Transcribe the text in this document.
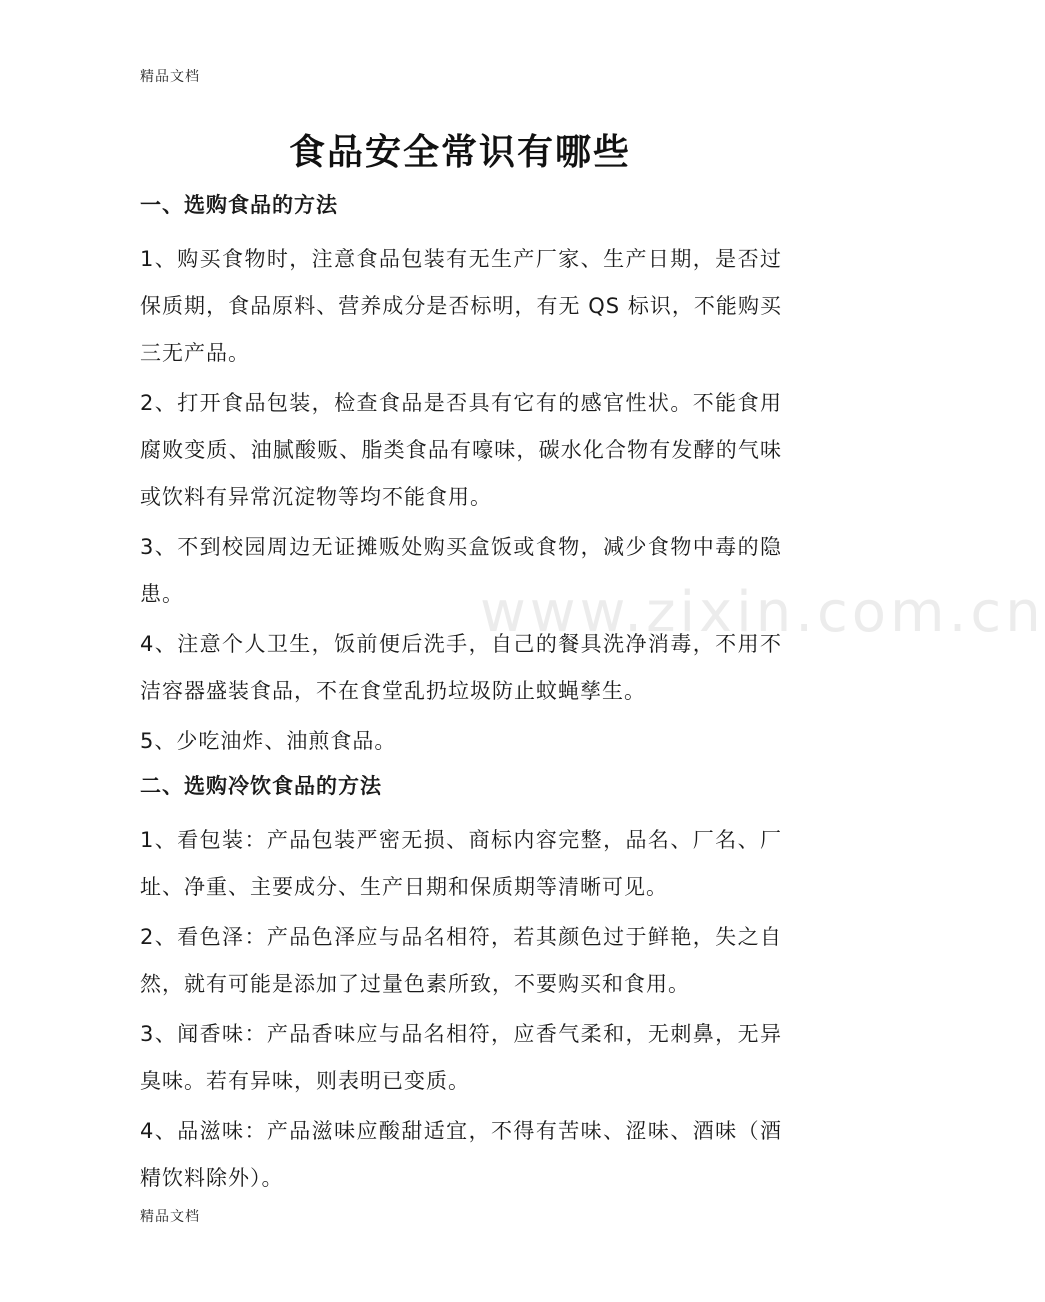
精品文档
食品安全常识有哪些
一、选购食品的方法

1、购买食物时，注意食品包装有无生产厂家、生产日期，是否过保质期，食品原料、营养成分是否标明，有无 QS 标识，不能购买三无产品。

2、打开食品包装，检查食品是否具有它有的感官性状。不能食用腐败变质、油腻酸贩、脂类食品有嚎味，碳水化合物有发酵的气味或饮料有异常沉淀物等均不能食用。

3、不到校园周边无证摊贩处购买盒饭或食物，减少食物中毒的隐患。

4、注意个人卫生，饭前便后洗手，自己的餐具洗净消毒，不用不洁容器盛装食品，不在食堂乱扔垃圾防止蚊蝇孳生。

5、少吃油炸、油煎食品。

二、选购冷饮食品的方法

1、看包装：产品包装严密无损、商标内容完整，品名、厂名、厂址、净重、主要成分、生产日期和保质期等清晰可见。

2、看色泽：产品色泽应与品名相符，若其颜色过于鲜艳，失之自然，就有可能是添加了过量色素所致，不要购买和食用。

3、闻香味：产品香味应与品名相符，应香气柔和，无刺鼻，无异臭味。若有异味，则表明已变质。

4、品滋味：产品滋味应酸甜适宜，不得有苦味、涩味、酒味（酒精饮料除外）。

www.zixin.com.cn
精品文档
